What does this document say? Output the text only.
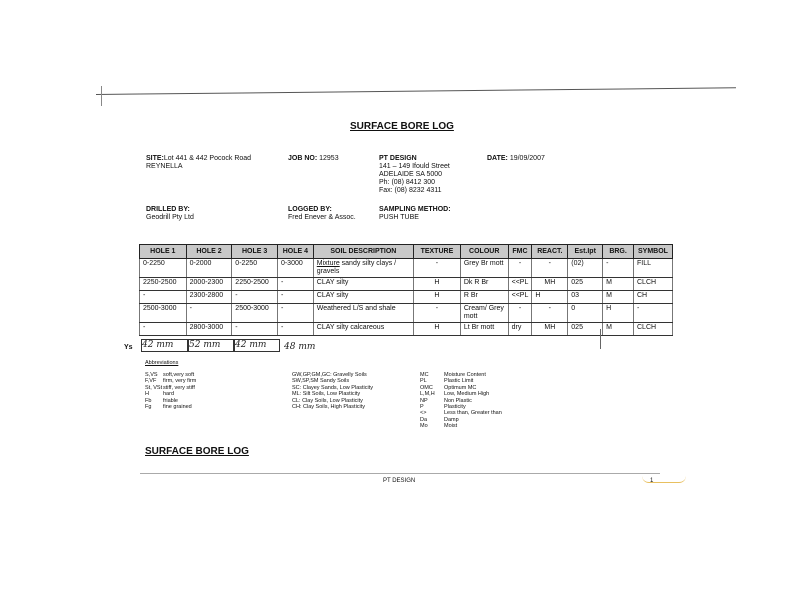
SURFACE BORE LOG
SITE:Lot 441 & 442 Pocock Road
REYNELLA
JOB NO: 12953	PT DESIGN
141 – 149 Ifould Street
ADELAIDE SA 5000
Ph: (08) 8412 300
Fax: (08) 8232 4311
DATE: 19/09/2007
DRILLED BY:
Geodrill Pty Ltd
LOGGED BY:
Fred Enever & Assoc.
SAMPLING METHOD:
PUSH TUBE
HOLE 1	HOLE 2	HOLE 3	HOLE 4	SOIL DESCRIPTION	TEXTURE	COLOUR	FMC	REACT.	Est.Ipt	BRG.	SYMBOL
0-2250	0-2000	0-2250	0-3000	Mixture sandy silty clays / gravels	-	Grey Br mott	-	-	(02)	-	FILL
2250-2500	2000-2300	2250-2500	-	CLAY silty	H	Dk R Br	<<PL	MH	025	M	CLCH
-	2300-2800	-	-	CLAY silty	H	R Br	<<PL	H	03	M	CH
2500-3000	-	2500-3000	-	Weathered L/S and shale	-	Cream/ Grey mott	-	-	0	H	-
-	2800-3000	-	-	CLAY silty calcareous	H	Lt Br mott	dry	MH	025	M	CLCH
Ys 42 mm	52 mm	42 mm	48 mm
Abbreviations
S,VS soft,very soft
F,VF firm, very firm
St, VStstiff, very stiff
H	hard
Fb friable
Fg fine grained
GW,GP,GM,GC: Gravelly Soils
SW,SP,SM Sandy Soils
SC: Clayey Sands, Low Plasticity
ML: Silt Soils, Low Plasticity
CL: Clay Soils, Low Plasticity
CH: Clay Soils, High Plasticity
MC	Moisture Content
PL	Plastic Limit
OMC Optimum MC
L,M,H Low, Medium High
NP	Non Plastic
P	Plasticity
<>	Less than, Greater than
Da	Damp
Mo	Moist
SURFACE BORE LOG
PT DESIGN	1
